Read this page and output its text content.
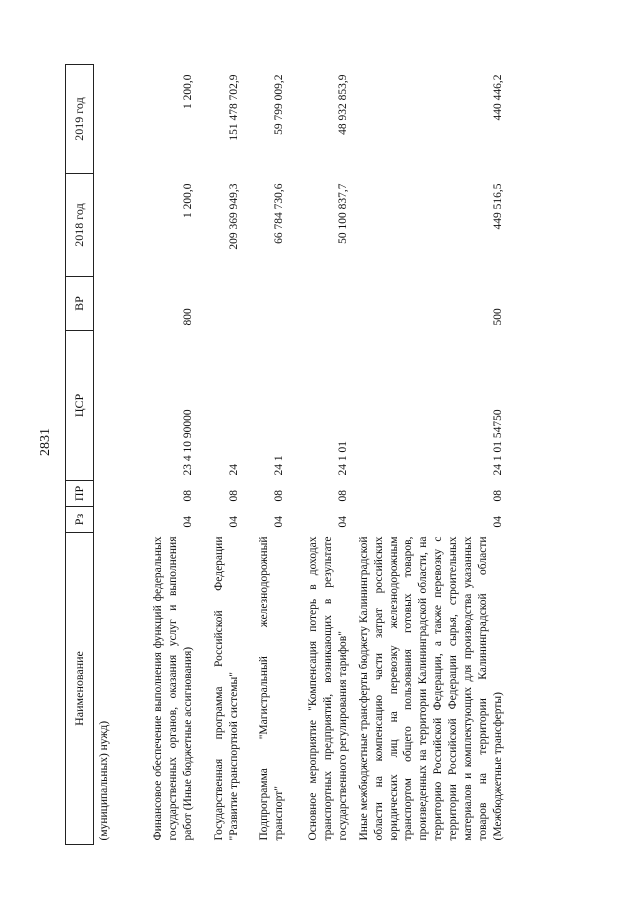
2831
Наименование	Рз	ПР	ЦСР	ВР	2018 год	2019 год
(муниципальных) нужд)						
Финансовое обеспечение выполнения функций федеральных государственных органов, оказания услуг и выполнения работ (Иные бюджетные ассигнования)	04	08	23 4 10 90000	800	1 200,0	1 200,0
Государственная программа Российской Федерации "Развитие транспортной системы"	04	08	24		209 369 949,3	151 478 702,9
Подпрограмма "Магистральный железнодорожный транспорт"	04	08	24 1		66 784 730,6	59 799 009,2
Основное мероприятие "Компенсация потерь в доходах транспортных предприятий, возникающих в результате государственного регулирования тарифов"	04	08	24 1 01		50 100 837,7	48 932 853,9
Иные межбюджетные трансферты бюджету Калининградской области на компенсацию части затрат российских юридических лиц на перевозку железнодорожным транспортом общего пользования готовых товаров, произведенных на территории Калининградской области, на территорию Российской Федерации, а также перевозку с территории Российской Федерации сырья, строительных материалов и комплектующих для производства указанных товаров на территории Калининградской области (Межбюджетные трансферты)	04	08	24 1 01 54750	500	449 516,5	440 446,2
